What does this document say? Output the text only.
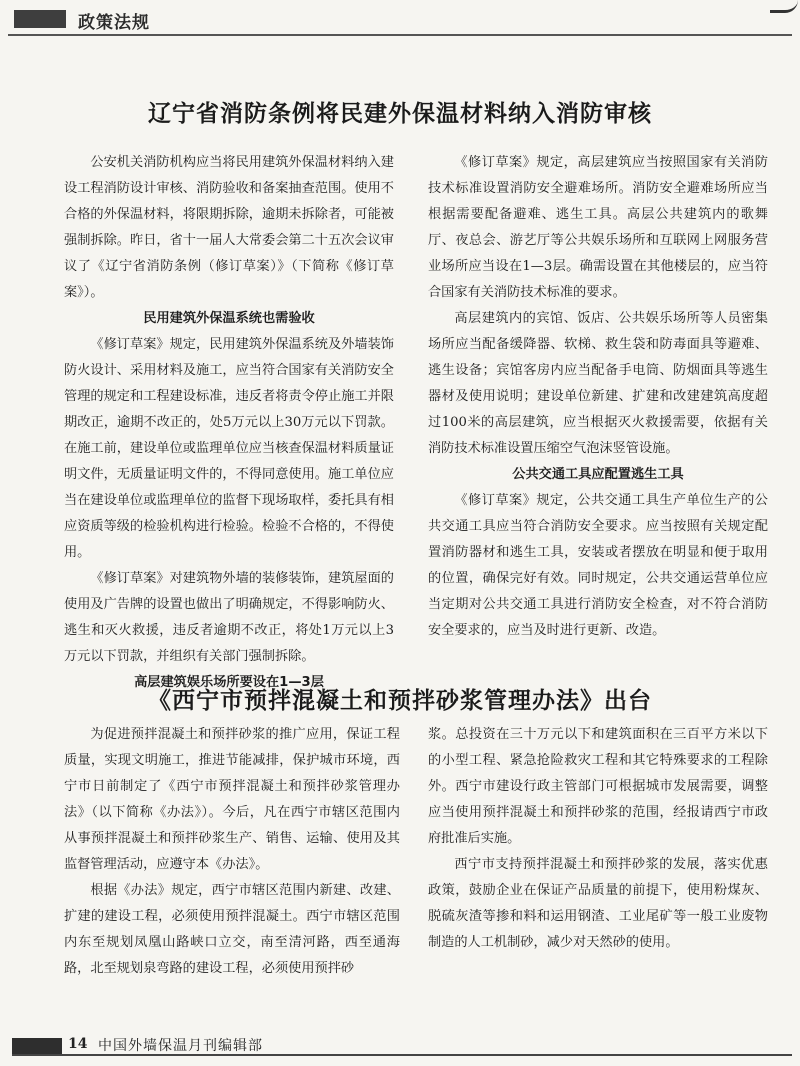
政策法规
辽宁省消防条例将民建外保温材料纳入消防审核

公安机关消防机构应当将民用建筑外保温材料纳入建设工程消防设计审核、消防验收和备案抽查范围。使用不合格的外保温材料，将限期拆除，逾期未拆除者，可能被强制拆除。昨日，省十一届人大常委会第二十五次会议审议了《辽宁省消防条例（修订草案）》（下简称《修订草案》）。

民用建筑外保温系统也需验收

《修订草案》规定，民用建筑外保温系统及外墙装饰防火设计、采用材料及施工，应当符合国家有关消防安全管理的规定和工程建设标准，违反者将责令停止施工并限期改正，逾期不改正的，处5万元以上30万元以下罚款。在施工前，建设单位或监理单位应当核查保温材料质量证明文件，无质量证明文件的，不得同意使用。施工单位应当在建设单位或监理单位的监督下现场取样，委托具有相应资质等级的检验机构进行检验。检验不合格的，不得使用。

《修订草案》对建筑物外墙的装修装饰，建筑屋面的使用及广告牌的设置也做出了明确规定，不得影响防火、逃生和灭火救援，违反者逾期不改正，将处1万元以上3万元以下罚款，并组织有关部门强制拆除。

高层建筑娱乐场所要设在1—3层

《修订草案》规定，高层建筑应当按照国家有关消防技术标准设置消防安全避难场所。消防安全避难场所应当根据需要配备避难、逃生工具。高层公共建筑内的歌舞厅、夜总会、游艺厅等公共娱乐场所和互联网上网服务营业场所应当设在1—3层。确需设置在其他楼层的，应当符合国家有关消防技术标准的要求。

高层建筑内的宾馆、饭店、公共娱乐场所等人员密集场所应当配备缓降器、软梯、救生袋和防毒面具等避难、逃生设备；宾馆客房内应当配备手电筒、防烟面具等逃生器材及使用说明；建设单位新建、扩建和改建建筑高度超过100米的高层建筑，应当根据灭火救援需要，依据有关消防技术标准设置压缩空气泡沫竖管设施。

公共交通工具应配置逃生工具

《修订草案》规定，公共交通工具生产单位生产的公共交通工具应当符合消防安全要求。应当按照有关规定配置消防器材和逃生工具，安装或者摆放在明显和便于取用的位置，确保完好有效。同时规定，公共交通运营单位应当定期对公共交通工具进行消防安全检查，对不符合消防安全要求的，应当及时进行更新、改造。

《西宁市预拌混凝土和预拌砂浆管理办法》出台

为促进预拌混凝土和预拌砂浆的推广应用，保证工程质量，实现文明施工，推进节能减排，保护城市环境，西宁市日前制定了《西宁市预拌混凝土和预拌砂浆管理办法》（以下简称《办法》）。今后，凡在西宁市辖区范围内从事预拌混凝土和预拌砂浆生产、销售、运输、使用及其监督管理活动，应遵守本《办法》。

根据《办法》规定，西宁市辖区范围内新建、改建、扩建的建设工程，必须使用预拌混凝土。西宁市辖区范围内东至规划凤凰山路峡口立交，南至清河路，西至通海路，北至规划泉弯路的建设工程，必须使用预拌砂

浆。总投资在三十万元以下和建筑面积在三百平方米以下的小型工程、紧急抢险救灾工程和其它特殊要求的工程除外。西宁市建设行政主管部门可根据城市发展需要，调整应当使用预拌混凝土和预拌砂浆的范围，经报请西宁市政府批准后实施。

西宁市支持预拌混凝土和预拌砂浆的发展，落实优惠政策，鼓励企业在保证产品质量的前提下，使用粉煤灰、脱硫灰渣等掺和料和运用钢渣、工业尾矿等一般工业废物制造的人工机制砂，减少对天然砂的使用。

14 中国外墙保温月刊编辑部
